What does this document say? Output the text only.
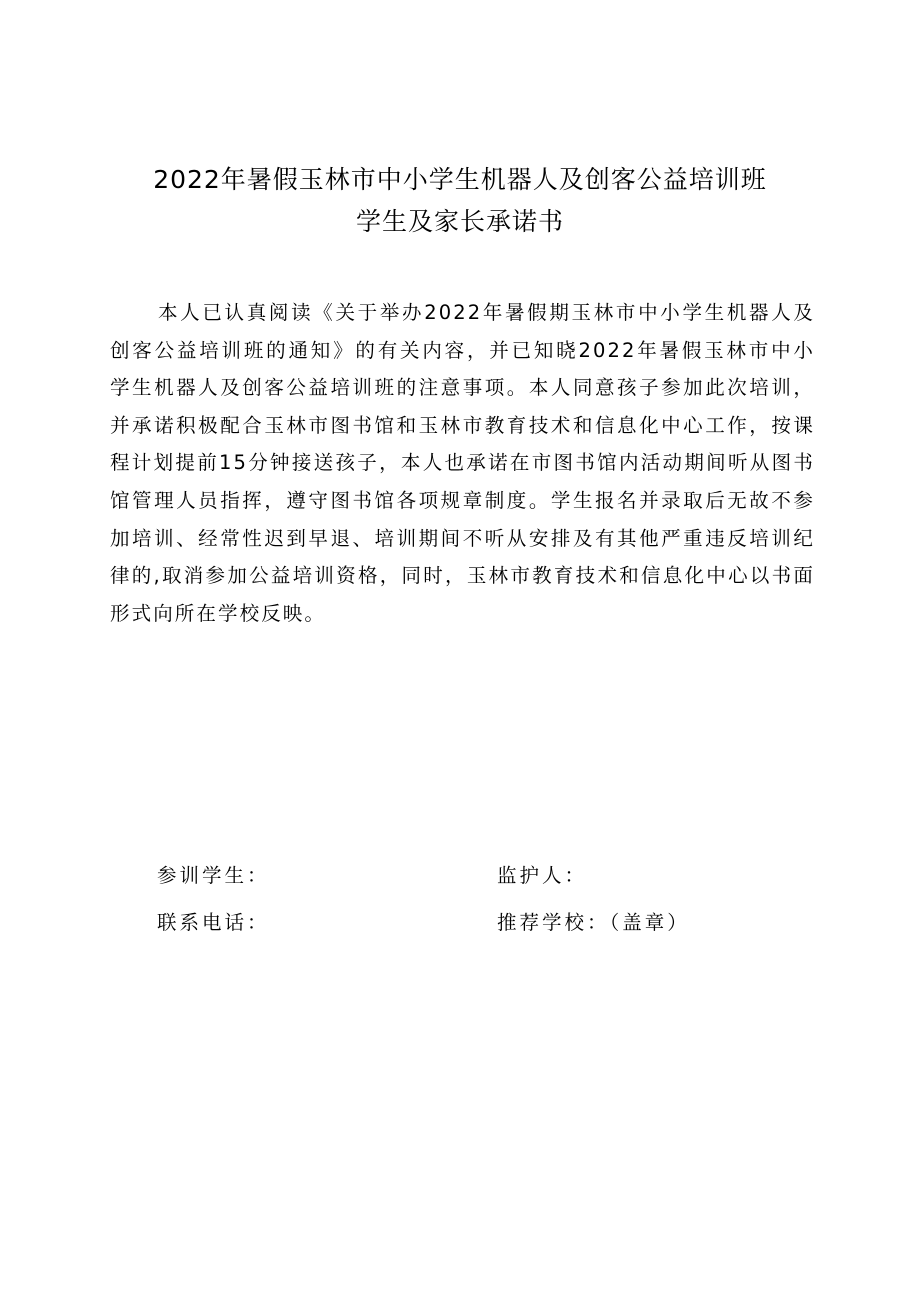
2022年暑假玉林市中小学生机器人及创客公益培训班
学生及家长承诺书

本人已认真阅读《关于举办2022年暑假期玉林市中小学生机器人及创客公益培训班的通知》的有关内容，并已知晓2022年暑假玉林市中小学生机器人及创客公益培训班的注意事项。本人同意孩子参加此次培训，并承诺积极配合玉林市图书馆和玉林市教育技术和信息化中心工作，按课程计划提前15分钟接送孩子，本人也承诺在市图书馆内活动期间听从图书馆管理人员指挥，遵守图书馆各项规章制度。学生报名并录取后无故不参加培训、经常性迟到早退、培训期间不听从安排及有其他严重违反培训纪律的,取消参加公益培训资格，同时，玉林市教育技术和信息化中心以书面形式向所在学校反映。

参训学生：	监护人：
联系电话：	推荐学校：（盖章）
